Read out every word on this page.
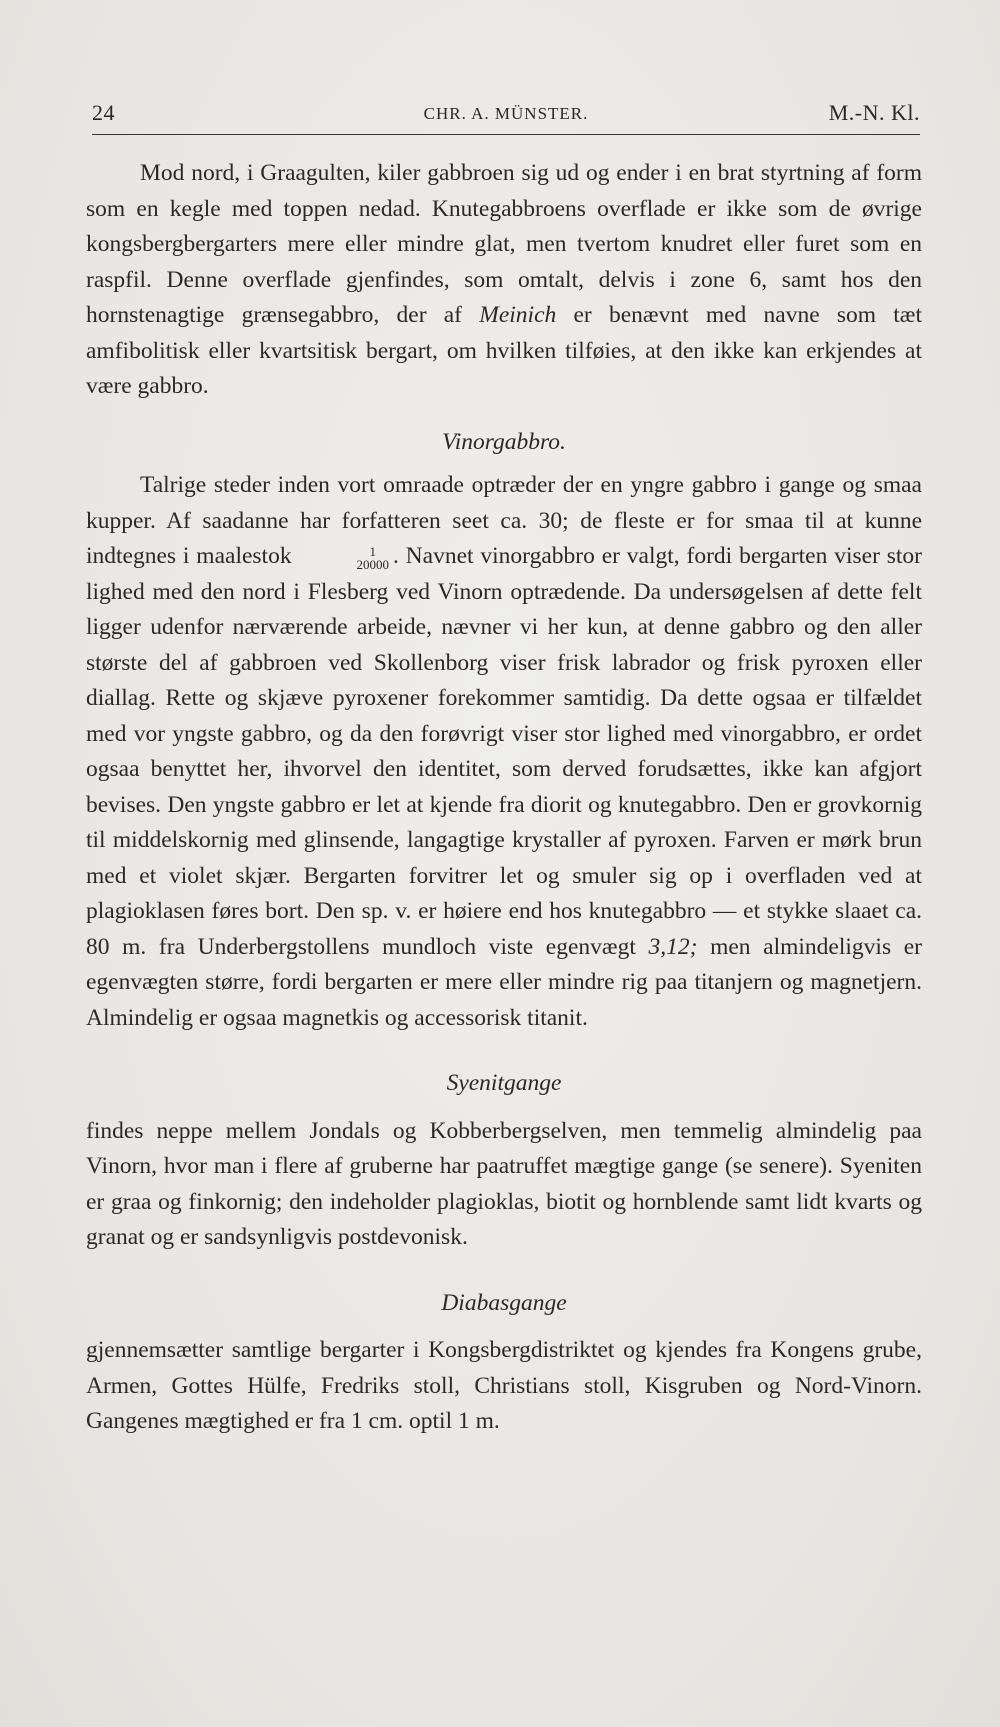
24	CHR. A. MÜNSTER.	M.-N. Kl.

Mod nord, i Graagulten, kiler gabbroen sig ud og ender i en brat styrtning af form som en kegle med toppen nedad. Knutegabbroens overflade er ikke som de øvrige kongsbergbergarters mere eller mindre glat, men tvertom knudret eller furet som en raspfil. Denne overflade gjenfindes, som omtalt, delvis i zone 6, samt hos den hornstenagtige grænsegabbro, der af Meinich er benævnt med navne som tæt amfibolitisk eller kvartsitisk bergart, om hvilken tilføies, at den ikke kan erkjendes at være gabbro.

Vinorgabbro.

Talrige steder inden vort omraade optræder der en yngre gabbro i gange og smaa kupper. Af saadanne har forfatteren seet ca. 30; de fleste er for smaa til at kunne indtegnes i maalestok	1
20000 . Navnet vinorgabbro er valgt, fordi bergarten viser stor lighed med den nord i Flesberg ved Vinorn optrædende. Da undersøgelsen af dette felt ligger udenfor nærværende arbeide, nævner vi her kun, at denne gabbro og den aller største del af gabbroen ved Skollenborg viser frisk labrador og frisk pyroxen eller diallag. Rette og skjæve pyroxener forekommer samtidig. Da dette ogsaa er tilfældet med vor yngste gabbro, og da den forøvrigt viser stor lighed med vinorgabbro, er ordet ogsaa benyttet her, ihvorvel den identitet, som derved forudsættes, ikke kan afgjort bevises. Den yngste gabbro er let at kjende fra diorit og knutegabbro. Den er grovkornig til middelskornig med glinsende, langagtige krystaller af pyroxen. Farven er mørk brun med et violet skjær. Bergarten forvitrer let og smuler sig op i overfladen ved at plagioklasen føres bort. Den sp. v. er høiere end hos knutegabbro — et stykke slaaet ca. 80 m. fra Underbergstollens mundloch viste egenvægt 3,12; men almindeligvis er egenvægten større, fordi bergarten er mere eller mindre rig paa titanjern og magnetjern. Almindelig er ogsaa magnetkis og accessorisk titanit.

Syenitgange

findes neppe mellem Jondals og Kobberbergselven, men temmelig almindelig paa Vinorn, hvor man i flere af gruberne har paatruffet mægtige gange (se senere). Syeniten er graa og finkornig; den indeholder plagioklas, biotit og hornblende samt lidt kvarts og granat og er sandsynligvis postdevonisk.

Diabasgange

gjennemsætter samtlige bergarter i Kongsbergdistriktet og kjendes fra Kongens grube, Armen, Gottes Hülfe, Fredriks stoll, Christians stoll, Kisgruben og Nord-Vinorn. Gangenes mægtighed er fra 1 cm. optil 1 m.
